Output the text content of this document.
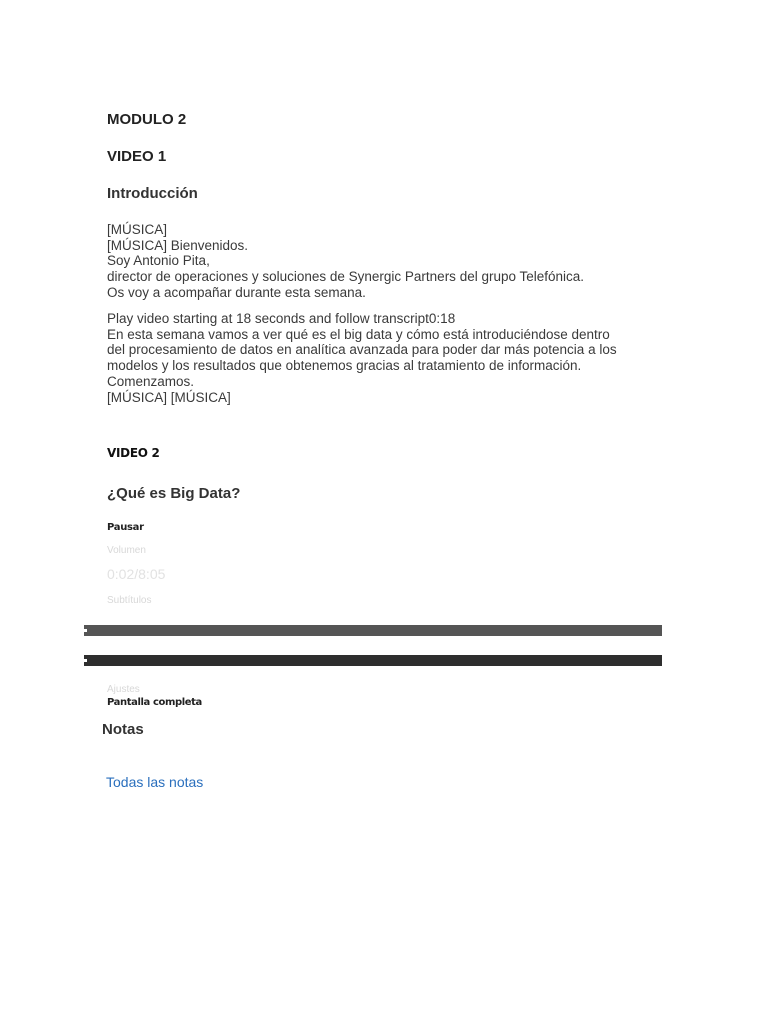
MODULO 2
VIDEO 1
Introducción
[MÚSICA]
[MÚSICA] Bienvenidos.
Soy Antonio Pita,
director de operaciones y soluciones de Synergic Partners del grupo Telefónica.
Os voy a acompañar durante esta semana.
Play video starting at 18 seconds and follow transcript0:18
En esta semana vamos a ver qué es el big data y cómo está introduciéndose dentro
del procesamiento de datos en analítica avanzada para poder dar más potencia a los
modelos y los resultados que obtenemos gracias al tratamiento de información.
Comenzamos.
[MÚSICA] [MÚSICA]
VIDEO 2
¿Qué es Big Data?
Pausar
Volumen
0:02/8:05
Subtítulos
Ajustes
Pantalla completa
Notas
Todas las notas
